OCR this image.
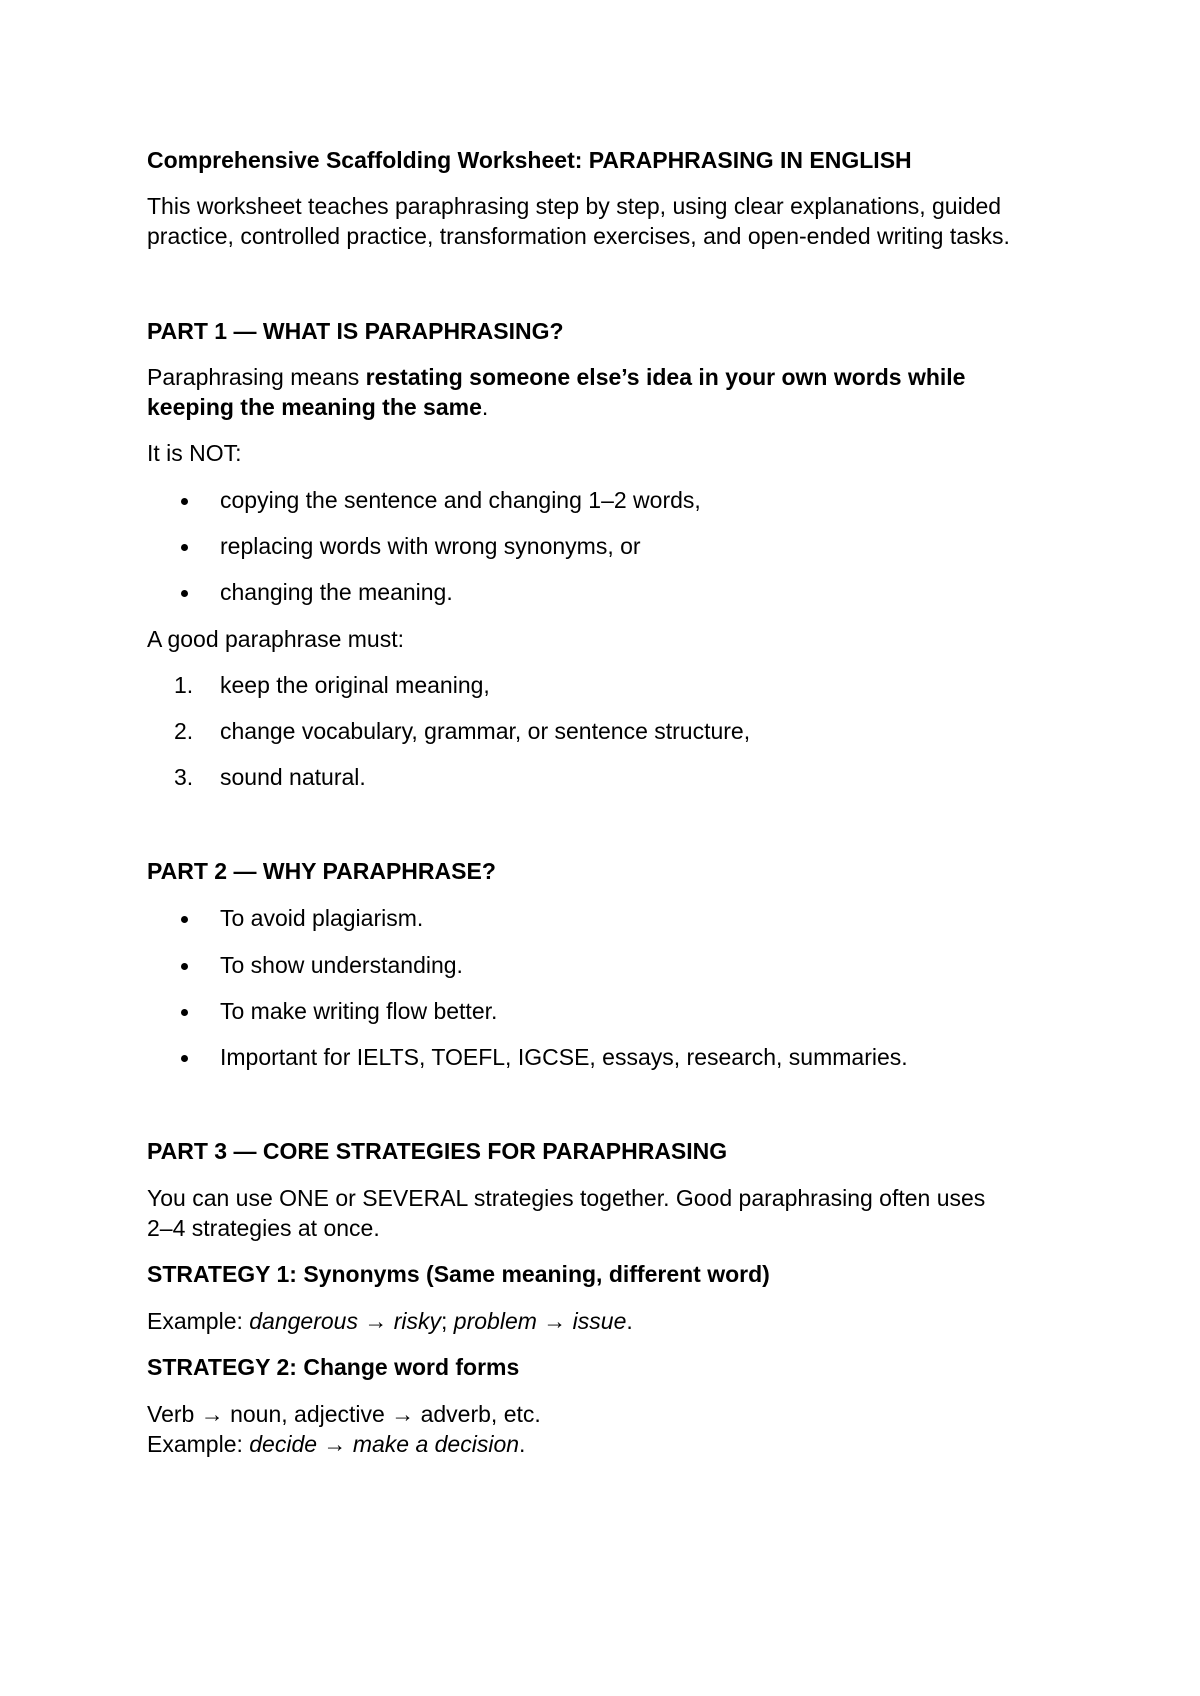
Comprehensive Scaffolding Worksheet: PARAPHRASING IN ENGLISH
This worksheet teaches paraphrasing step by step, using clear explanations, guided
practice, controlled practice, transformation exercises, and open-ended writing tasks.
PART 1 — WHAT IS PARAPHRASING?
Paraphrasing means restating someone else’s idea in your own words while
keeping the meaning the same.
It is NOT:
copying the sentence and changing 1–2 words,
replacing words with wrong synonyms, or
changing the meaning.
A good paraphrase must:
1.	keep the original meaning,
2.	change vocabulary, grammar, or sentence structure,
3.	sound natural.
PART 2 — WHY PARAPHRASE?
To avoid plagiarism.
To show understanding.
To make writing flow better.
Important for IELTS, TOEFL, IGCSE, essays, research, summaries.
PART 3 — CORE STRATEGIES FOR PARAPHRASING
You can use ONE or SEVERAL strategies together. Good paraphrasing often uses
2–4 strategies at once.
STRATEGY 1: Synonyms (Same meaning, different word)
Example: dangerous → risky; problem → issue.
STRATEGY 2: Change word forms
Verb → noun, adjective → adverb, etc.
Example: decide → make a decision.
